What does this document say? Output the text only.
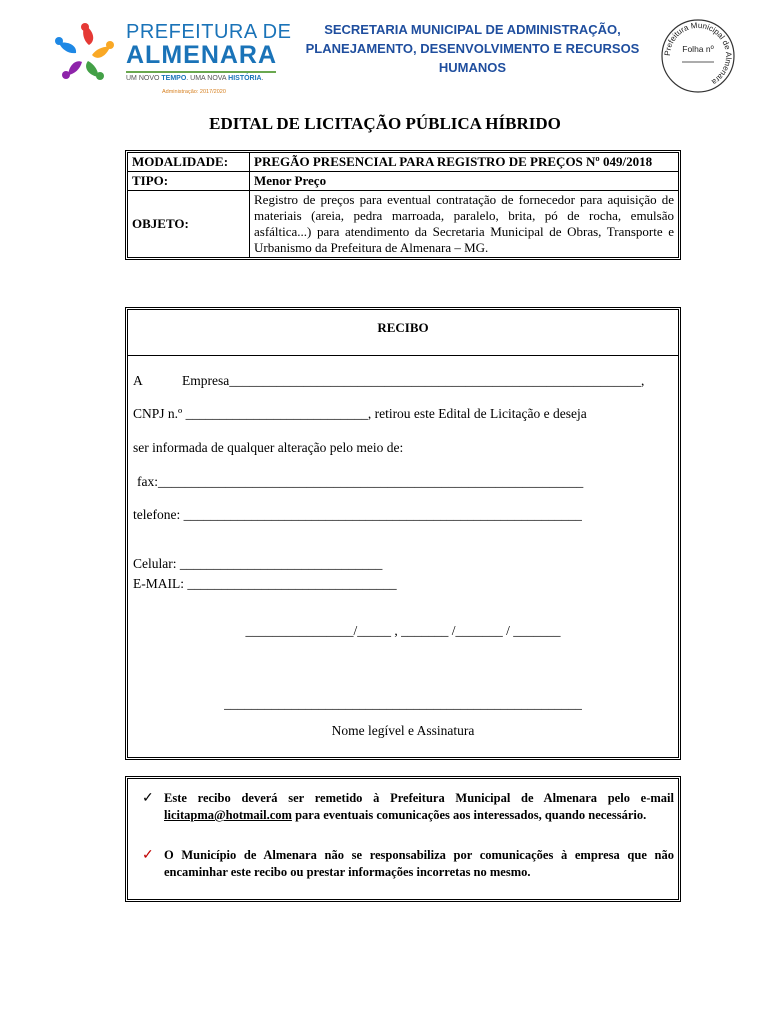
PREFEITURA DE
ALMENARA
UM NOVO TEMPO. UMA NOVA HISTÓRIA.
Administração: 2017/2020
SECRETARIA MUNICIPAL DE ADMINISTRAÇÃO, PLANEJAMENTO, DESENVOLVIMENTO E RECURSOS HUMANOS
Prefeitura Municipal de Almenara
Folha nº
EDITAL DE LICITAÇÃO PÚBLICA HÍBRIDO
MODALIDADE:	PREGÃO PRESENCIAL PARA REGISTRO DE PREÇOS Nº 049/2018
TIPO:	Menor Preço
OBJETO:	Registro de preços para eventual contratação de fornecedor para aquisição de materiais (areia, pedra marroada, paralelo, brita, pó de rocha, emulsão asfáltica...) para atendimento da Secretaria Municipal de Obras, Transporte e Urbanismo da Prefeitura de Almenara – MG.
RECIBO
A	Empresa_____________________________________________________________,
CNPJ n.º ___________________________, retirou este Edital de Licitação e deseja
ser informada de qualquer alteração pelo meio de:
fax:_______________________________________________________________
telefone: ___________________________________________________________
Celular: ______________________________
E-MAIL: _______________________________
________________/_____ , _______ /_______ / _______
_____________________________________________________
Nome legível e Assinatura
✓ Este recibo deverá ser remetido à Prefeitura Municipal de Almenara pelo e-mail licitapma@hotmail.com para eventuais comunicações aos interessados, quando necessário.
✓ O Município de Almenara não se responsabiliza por comunicações à empresa que não encaminhar este recibo ou prestar informações incorretas no mesmo.
